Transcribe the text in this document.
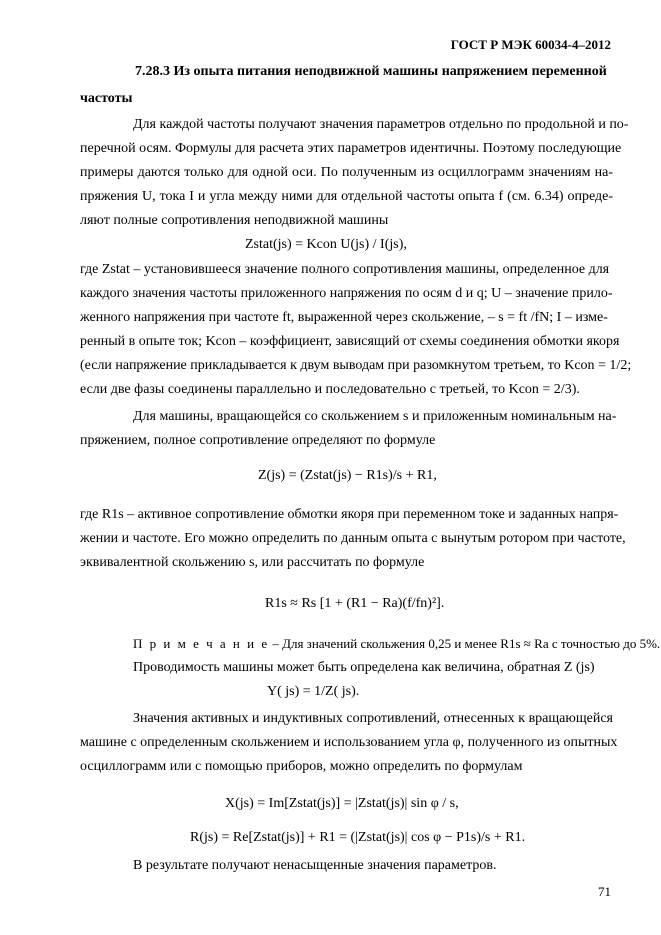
ГОСТ Р МЭК 60034-4–2012
7.28.3 Из опыта питания неподвижной машины напряжением переменной
частоты
Для каждой частоты получают значения параметров отдельно по продольной и по-
перечной осям. Формулы для расчета этих параметров идентичны. Поэтому последующие
примеры даются только для одной оси. По полученным из осциллограмм значениям на-
пряжения U, тока I и угла между ними для отдельной частоты опыта f (см. 6.34) опреде-
ляют полные сопротивления неподвижной машины
Zstat(js) = Kcon U(js) / I(js),
где Zstat – установившееся значение полного сопротивления машины, определенное для
каждого значения частоты приложенного напряжения по осям d и q; U – значение прило-
женного напряжения при частоте ft, выраженной через скольжение, – s = ft /fN; I – изме-
ренный в опыте ток; Kcon – коэффициент, зависящий от схемы соединения обмотки якоря
(если напряжение прикладывается к двум выводам при разомкнутом третьем, то Kcon = 1/2;
если две фазы соединены параллельно и последовательно с третьей, то Kcon = 2/3).
Для машины, вращающейся со скольжением s и приложенным номинальным на-
пряжением, полное сопротивление определяют по формуле
Z(js) = (Zstat(js) − R1s)/s + R1,
где R1s – активное сопротивление обмотки якоря при переменном токе и заданных напря-
жении и частоте. Его можно определить по данным опыта с вынутым ротором при частоте,
эквивалентной скольжению s, или рассчитать по формуле
R1s ≈ Rs [1 + (R1 − Ra)(f/fn)²].
П р и м е ч а н и е – Для значений скольжения 0,25 и менее R1s ≈ Ra с точностью до 5%.
Проводимость машины может быть определена как величина, обратная Z (js)
Y( js) = 1/Z( js).
Значения активных и индуктивных сопротивлений, отнесенных к вращающейся
машине с определенным скольжением и использованием угла φ, полученного из опытных
осциллограмм или с помощью приборов, можно определить по формулам
X(js) = Im[Zstat(js)] = |Zstat(js)| sin φ / s,
R(js) = Re[Zstat(js)] + R1 = (|Zstat(js)| cos φ − P1s)/s + R1.
В результате получают ненасыщенные значения параметров.
71
